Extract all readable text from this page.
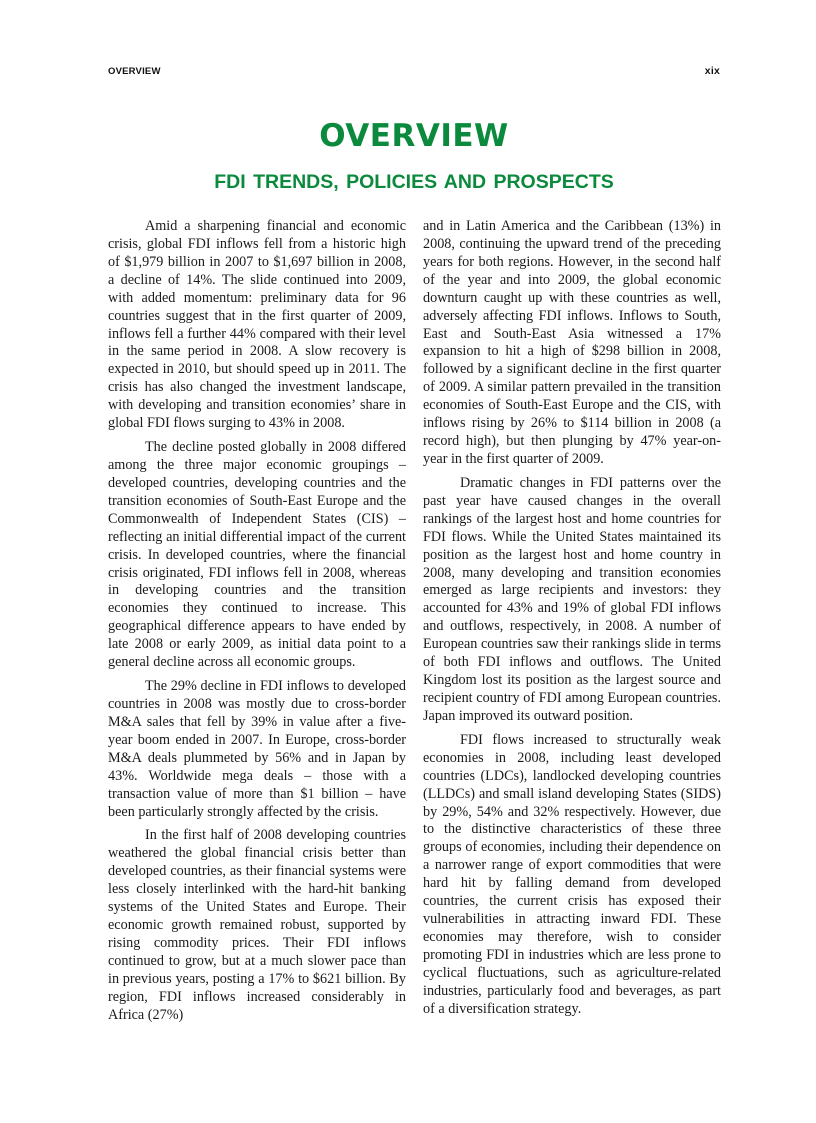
OVERVIEW	xix
OVERVIEW
FDI TRENDS, POLICIES AND PROSPECTS

Amid a sharpening financial and economic crisis, global FDI inflows fell from a historic high of $1,979 billion in 2007 to $1,697 billion in 2008, a decline of 14%. The slide continued into 2009, with added momentum: preliminary data for 96 countries suggest that in the first quarter of 2009, inflows fell a further 44% compared with their level in the same period in 2008. A slow recovery is expected in 2010, but should speed up in 2011. The crisis has also changed the investment landscape, with developing and transition economies’ share in global FDI flows surging to 43% in 2008.

The decline posted globally in 2008 differed among the three major economic groupings – developed countries, developing countries and the transition economies of South-East Europe and the Commonwealth of Independent States (CIS) – reflecting an initial differential impact of the current crisis. In developed countries, where the financial crisis originated, FDI inflows fell in 2008, whereas in developing countries and the transition economies they continued to increase. This geographical difference appears to have ended by late 2008 or early 2009, as initial data point to a general decline across all economic groups.

The 29% decline in FDI inflows to developed countries in 2008 was mostly due to cross-border M&A sales that fell by 39% in value after a five-year boom ended in 2007. In Europe, cross-border M&A deals plummeted by 56% and in Japan by 43%. Worldwide mega deals – those with a transaction value of more than $1 billion – have been particularly strongly affected by the crisis.

In the first half of 2008 developing countries weathered the global financial crisis better than developed countries, as their financial systems were less closely interlinked with the hard-hit banking systems of the United States and Europe. Their economic growth remained robust, supported by rising commodity prices. Their FDI inflows continued to grow, but at a much slower pace than in previous years, posting a 17% to $621 billion. By region, FDI inflows increased considerably in Africa (27%)

and in Latin America and the Caribbean (13%) in 2008, continuing the upward trend of the preceding years for both regions. However, in the second half of the year and into 2009, the global economic downturn caught up with these countries as well, adversely affecting FDI inflows. Inflows to South, East and South-East Asia witnessed a 17% expansion to hit a high of $298 billion in 2008, followed by a significant decline in the first quarter of 2009. A similar pattern prevailed in the transition economies of South-East Europe and the CIS, with inflows rising by 26% to $114 billion in 2008 (a record high), but then plunging by 47% year-on-year in the first quarter of 2009.

Dramatic changes in FDI patterns over the past year have caused changes in the overall rankings of the largest host and home countries for FDI flows. While the United States maintained its position as the largest host and home country in 2008, many developing and transition economies emerged as large recipients and investors: they accounted for 43% and 19% of global FDI inflows and outflows, respectively, in 2008. A number of European countries saw their rankings slide in terms of both FDI inflows and outflows. The United Kingdom lost its position as the largest source and recipient country of FDI among European countries. Japan improved its outward position.

FDI flows increased to structurally weak economies in 2008, including least developed countries (LDCs), landlocked developing countries (LLDCs) and small island developing States (SIDS) by 29%, 54% and 32% respectively. However, due to the distinctive characteristics of these three groups of economies, including their dependence on a narrower range of export commodities that were hard hit by falling demand from developed countries, the current crisis has exposed their vulnerabilities in attracting inward FDI. These economies may therefore, wish to consider promoting FDI in industries which are less prone to cyclical fluctuations, such as agriculture-related industries, particularly food and beverages, as part of a diversification strategy.
